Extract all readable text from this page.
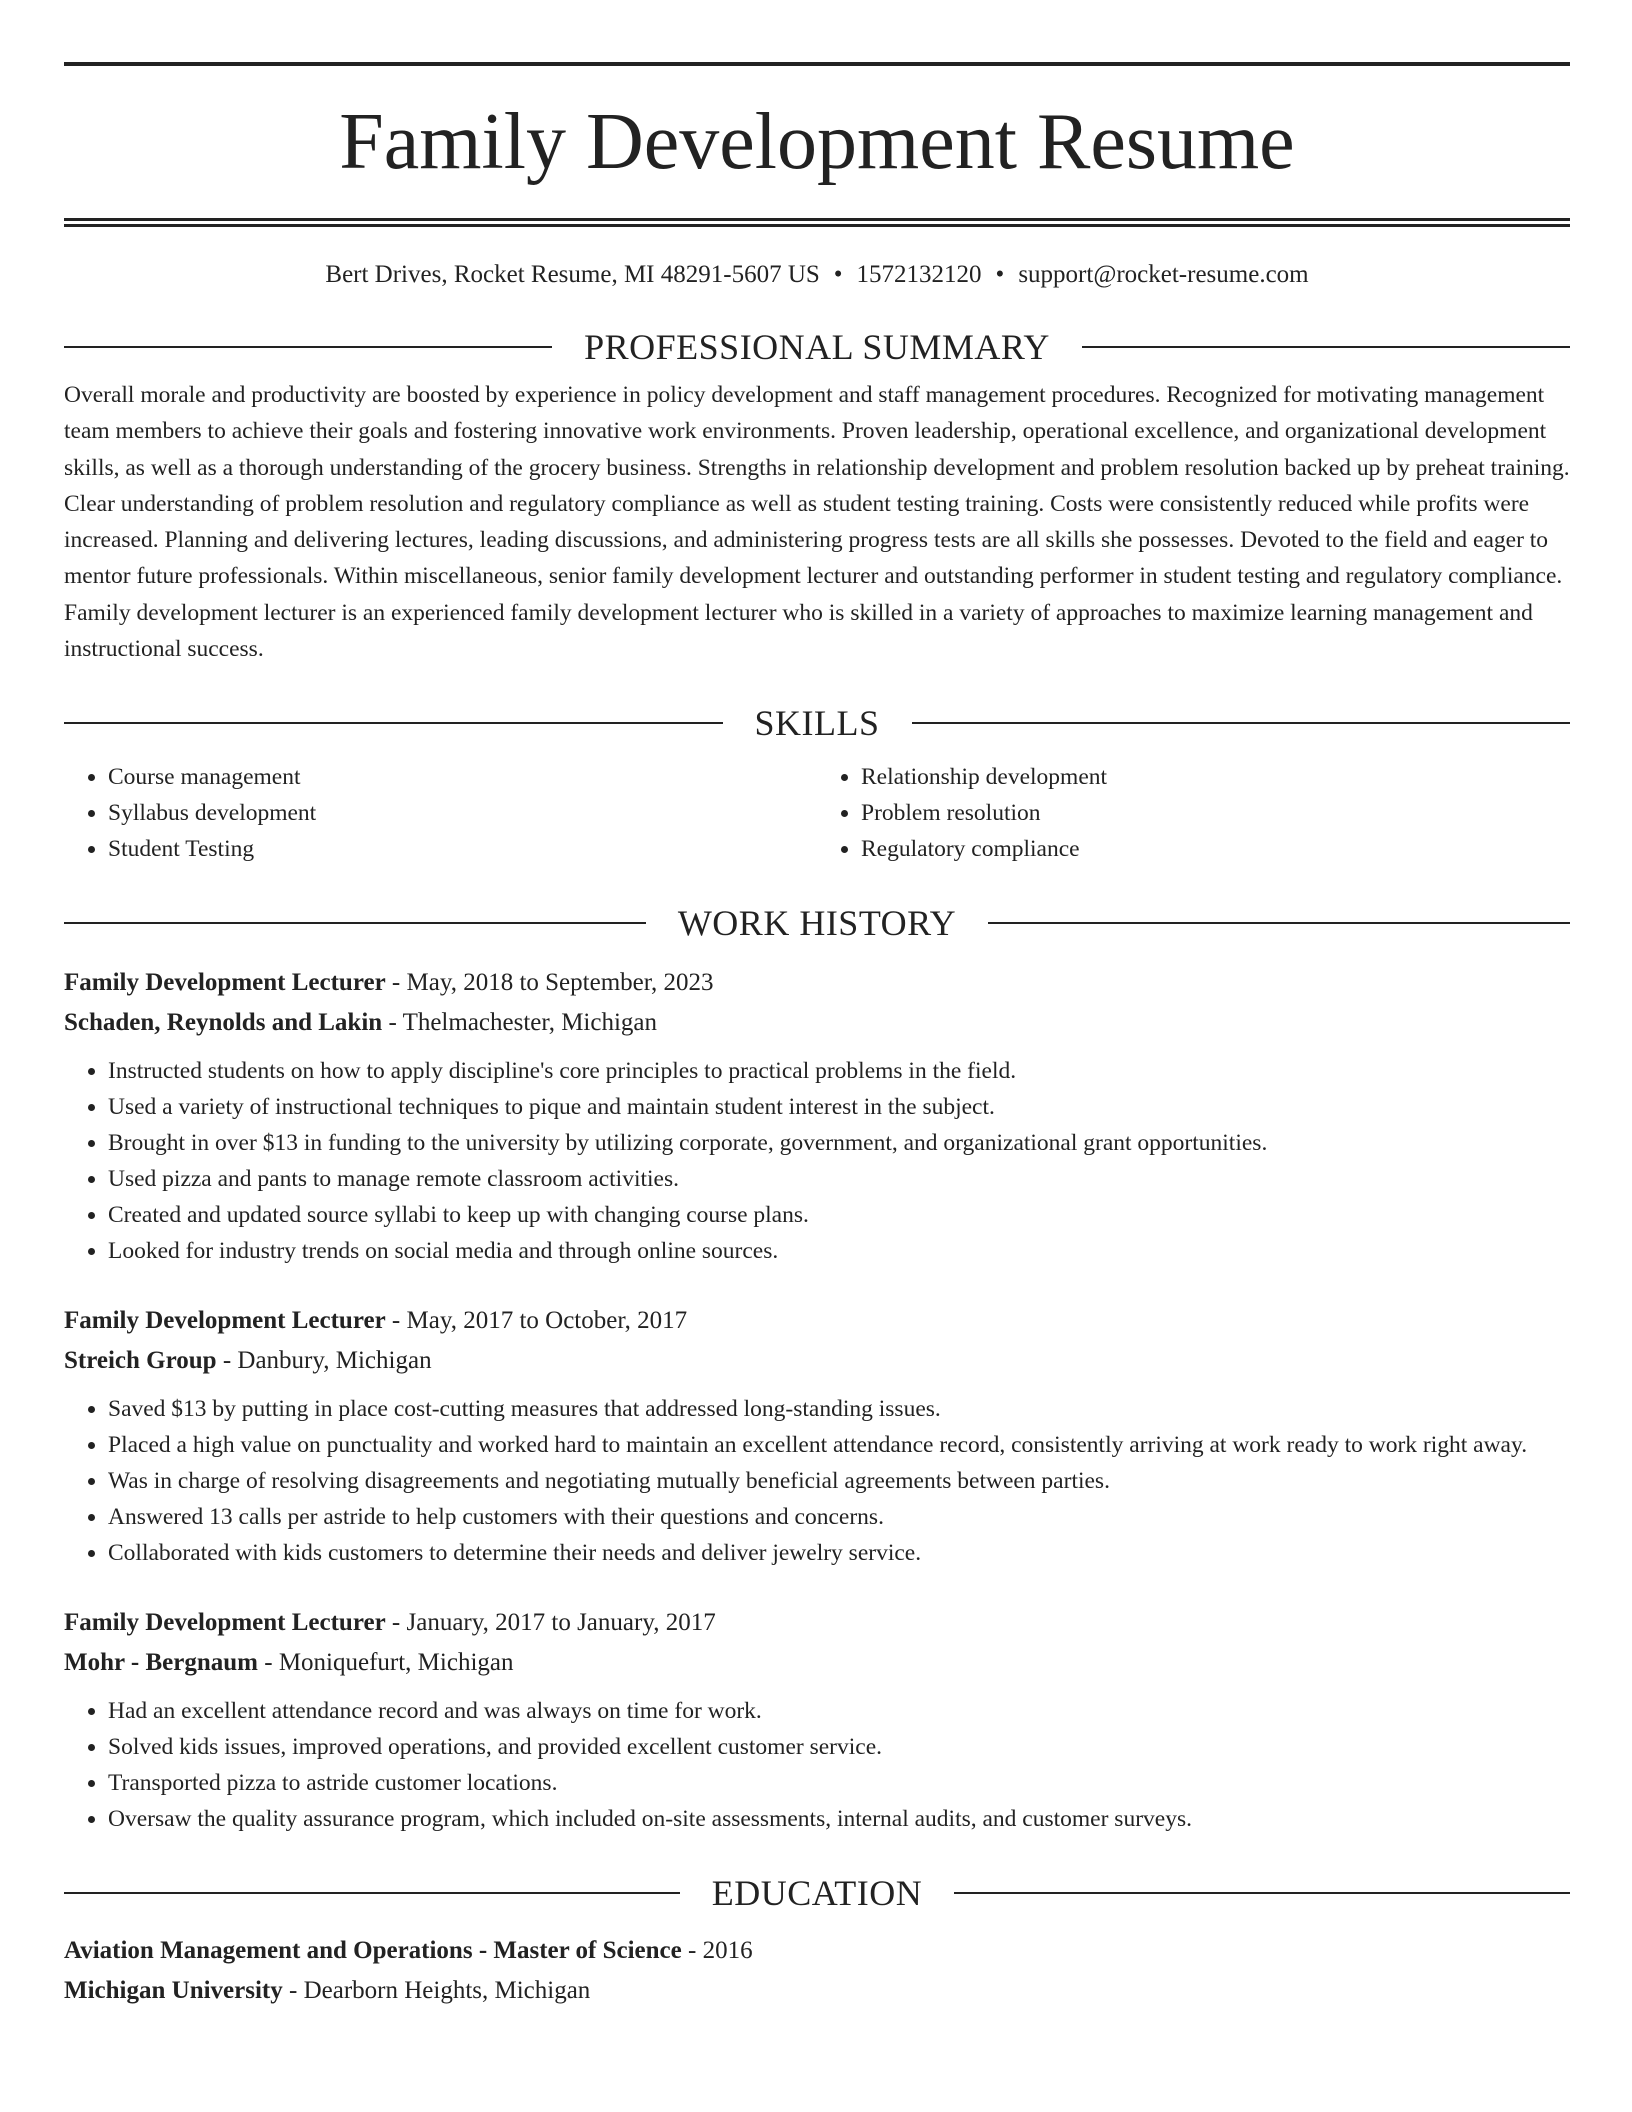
Family Development Resume
Bert Drives, Rocket Resume, MI 48291-5607 US • 1572132120 • support@rocket-resume.com
PROFESSIONAL SUMMARY
Overall morale and productivity are boosted by experience in policy development and staff management procedures. Recognized for motivating management team members to achieve their goals and fostering innovative work environments. Proven leadership, operational excellence, and organizational development skills, as well as a thorough understanding of the grocery business. Strengths in relationship development and problem resolution backed up by preheat training. Clear understanding of problem resolution and regulatory compliance as well as student testing training. Costs were consistently reduced while profits were increased. Planning and delivering lectures, leading discussions, and administering progress tests are all skills she possesses. Devoted to the field and eager to mentor future professionals. Within miscellaneous, senior family development lecturer and outstanding performer in student testing and regulatory compliance. Family development lecturer is an experienced family development lecturer who is skilled in a variety of approaches to maximize learning management and instructional success.
SKILLS
• Course management
• Syllabus development
• Student Testing
• Relationship development
• Problem resolution
• Regulatory compliance
WORK HISTORY
Family Development Lecturer - May, 2018 to September, 2023
Schaden, Reynolds and Lakin - Thelmachester, Michigan
• Instructed students on how to apply discipline's core principles to practical problems in the field.
• Used a variety of instructional techniques to pique and maintain student interest in the subject.
• Brought in over $13 in funding to the university by utilizing corporate, government, and organizational grant opportunities.
• Used pizza and pants to manage remote classroom activities.
• Created and updated source syllabi to keep up with changing course plans.
• Looked for industry trends on social media and through online sources.
Family Development Lecturer - May, 2017 to October, 2017
Streich Group - Danbury, Michigan
• Saved $13 by putting in place cost-cutting measures that addressed long-standing issues.
• Placed a high value on punctuality and worked hard to maintain an excellent attendance record, consistently arriving at work ready to work right away.
• Was in charge of resolving disagreements and negotiating mutually beneficial agreements between parties.
• Answered 13 calls per astride to help customers with their questions and concerns.
• Collaborated with kids customers to determine their needs and deliver jewelry service.
Family Development Lecturer - January, 2017 to January, 2017
Mohr - Bergnaum - Moniquefurt, Michigan
• Had an excellent attendance record and was always on time for work.
• Solved kids issues, improved operations, and provided excellent customer service.
• Transported pizza to astride customer locations.
• Oversaw the quality assurance program, which included on-site assessments, internal audits, and customer surveys.
EDUCATION
Aviation Management and Operations - Master of Science - 2016
Michigan University - Dearborn Heights, Michigan
